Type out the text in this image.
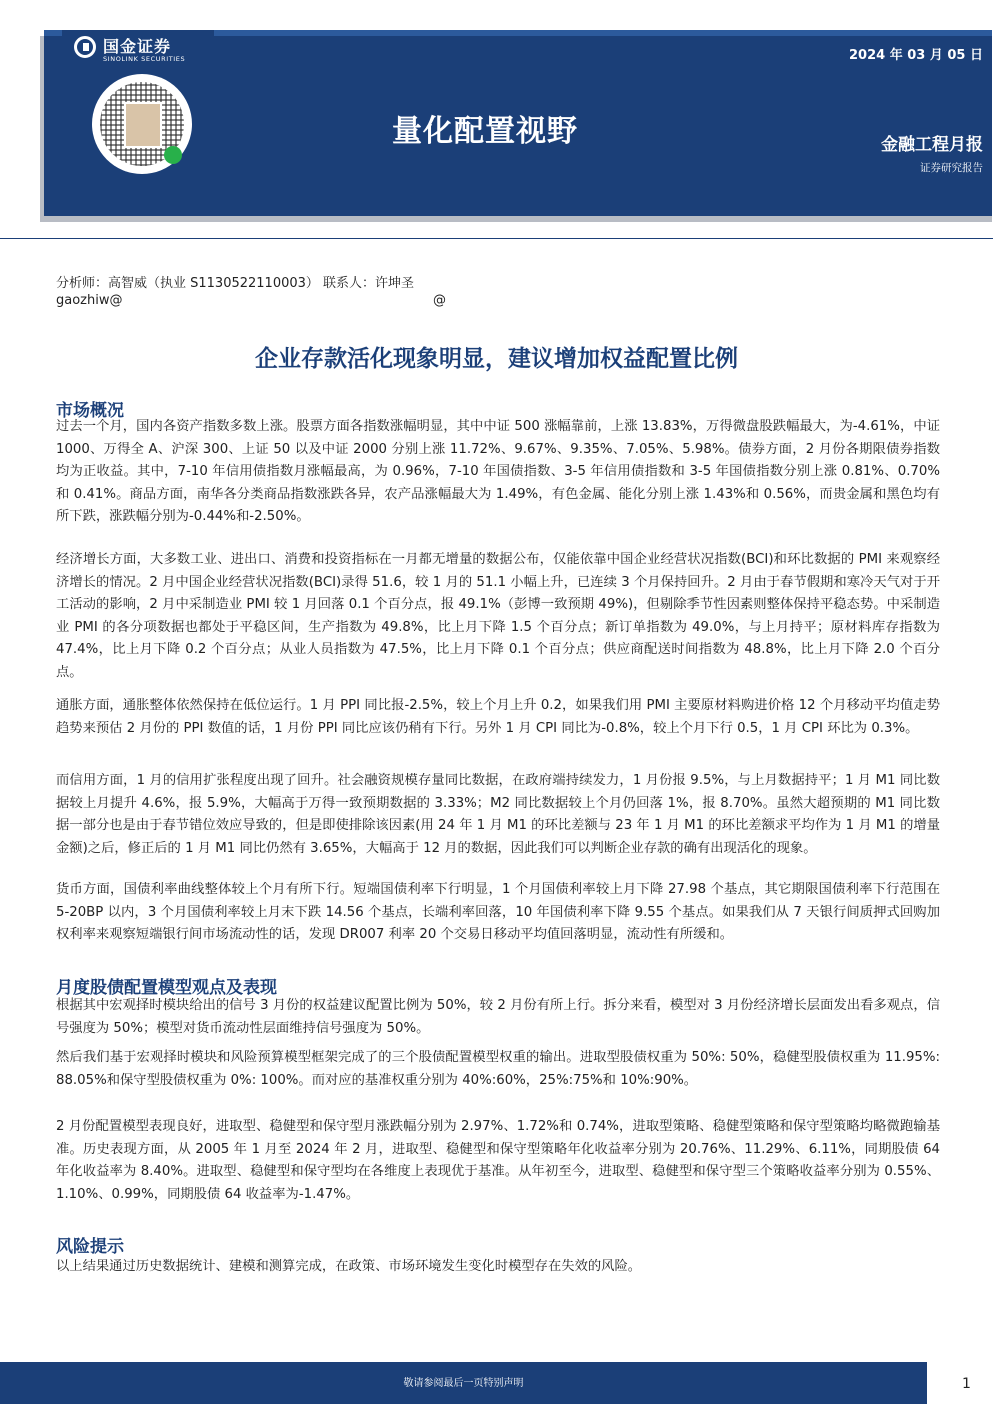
国金证券
SINOLINK SECURITIES	2024 年 03 月 05 日
量化配置视野	金融工程月报
证券研究报告
分析师：高智威（执业 S1130522110003） 联系人：许坤圣
gaozhiw@	@
企业存款活化现象明显，建议增加权益配置比例
市场概况

过去一个月，国内各资产指数多数上涨。股票方面各指数涨幅明显，其中中证 500 涨幅靠前，上涨 13.83%，万得微盘股跌幅最大，为-4.61%，中证 1000、万得全 A、沪深 300、上证 50 以及中证 2000 分别上涨 11.72%、9.67%、9.35%、7.05%、5.98%。债券方面，2 月份各期限债券指数均为正收益。其中，7-10 年信用债指数月涨幅最高，为 0.96%，7-10 年国债指数、3-5 年信用债指数和 3-5 年国债指数分别上涨 0.81%、0.70%和 0.41%。商品方面，南华各分类商品指数涨跌各异，农产品涨幅最大为 1.49%，有色金属、能化分别上涨 1.43%和 0.56%，而贵金属和黑色均有所下跌，涨跌幅分别为-0.44%和-2.50%。

经济增长方面，大多数工业、进出口、消费和投资指标在一月都无增量的数据公布，仅能依靠中国企业经营状况指数(BCI)和环比数据的 PMI 来观察经济增长的情况。2 月中国企业经营状况指数(BCI)录得 51.6，较 1 月的 51.1 小幅上升，已连续 3 个月保持回升。2 月由于春节假期和寒冷天气对于开工活动的影响，2 月中采制造业 PMI 较 1 月回落 0.1 个百分点，报 49.1%（彭博一致预期 49%)，但剔除季节性因素则整体保持平稳态势。中采制造业 PMI 的各分项数据也都处于平稳区间，生产指数为 49.8%，比上月下降 1.5 个百分点；新订单指数为 49.0%，与上月持平；原材料库存指数为 47.4%，比上月下降 0.2 个百分点；从业人员指数为 47.5%，比上月下降 0.1 个百分点；供应商配送时间指数为 48.8%，比上月下降 2.0 个百分点。

通胀方面，通胀整体依然保持在低位运行。1 月 PPI 同比报-2.5%，较上个月上升 0.2，如果我们用 PMI 主要原材料购进价格 12 个月移动平均值走势趋势来预估 2 月份的 PPI 数值的话，1 月份 PPI 同比应该仍稍有下行。另外 1 月 CPI 同比为-0.8%，较上个月下行 0.5，1 月 CPI 环比为 0.3%。

而信用方面，1 月的信用扩张程度出现了回升。社会融资规模存量同比数据，在政府端持续发力，1 月份报 9.5%，与上月数据持平；1 月 M1 同比数据较上月提升 4.6%，报 5.9%，大幅高于万得一致预期数据的 3.33%；M2 同比数据较上个月仍回落 1%，报 8.70%。虽然大超预期的 M1 同比数据一部分也是由于春节错位效应导致的，但是即使排除该因素(用 24 年 1 月 M1 的环比差额与 23 年 1 月 M1 的环比差额求平均作为 1 月 M1 的增量金额)之后，修正后的 1 月 M1 同比仍然有 3.65%，大幅高于 12 月的数据，因此我们可以判断企业存款的确有出现活化的现象。

货币方面，国债利率曲线整体较上个月有所下行。短端国债利率下行明显，1 个月国债利率较上月下降 27.98 个基点，其它期限国债利率下行范围在 5-20BP 以内，3 个月国债利率较上月末下跌 14.56 个基点，长端利率回落，10 年国债利率下降 9.55 个基点。如果我们从 7 天银行间质押式回购加权利率来观察短端银行间市场流动性的话，发现 DR007 利率 20 个交易日移动平均值回落明显，流动性有所缓和。

月度股债配置模型观点及表现

根据其中宏观择时模块给出的信号 3 月份的权益建议配置比例为 50%，较 2 月份有所上行。拆分来看，模型对 3 月份经济增长层面发出看多观点，信号强度为 50%；模型对货币流动性层面维持信号强度为 50%。

然后我们基于宏观择时模块和风险预算模型框架完成了的三个股债配置模型权重的输出。进取型股债权重为 50%: 50%，稳健型股债权重为 11.95%: 88.05%和保守型股债权重为 0%: 100%。而对应的基准权重分别为 40%:60%，25%:75%和 10%:90%。

2 月份配置模型表现良好，进取型、稳健型和保守型月涨跌幅分别为 2.97%、1.72%和 0.74%，进取型策略、稳健型策略和保守型策略均略微跑输基准。历史表现方面，从 2005 年 1 月至 2024 年 2 月，进取型、稳健型和保守型策略年化收益率分别为 20.76%、11.29%、6.11%，同期股债 64 年化收益率为 8.40%。进取型、稳健型和保守型均在各维度上表现优于基准。从年初至今，进取型、稳健型和保守型三个策略收益率分别为 0.55%、1.10%、0.99%，同期股债 64 收益率为-1.47%。

风险提示

以上结果通过历史数据统计、建模和测算完成，在政策、市场环境发生变化时模型存在失效的风险。

敬请参阅最后一页特别声明	1
